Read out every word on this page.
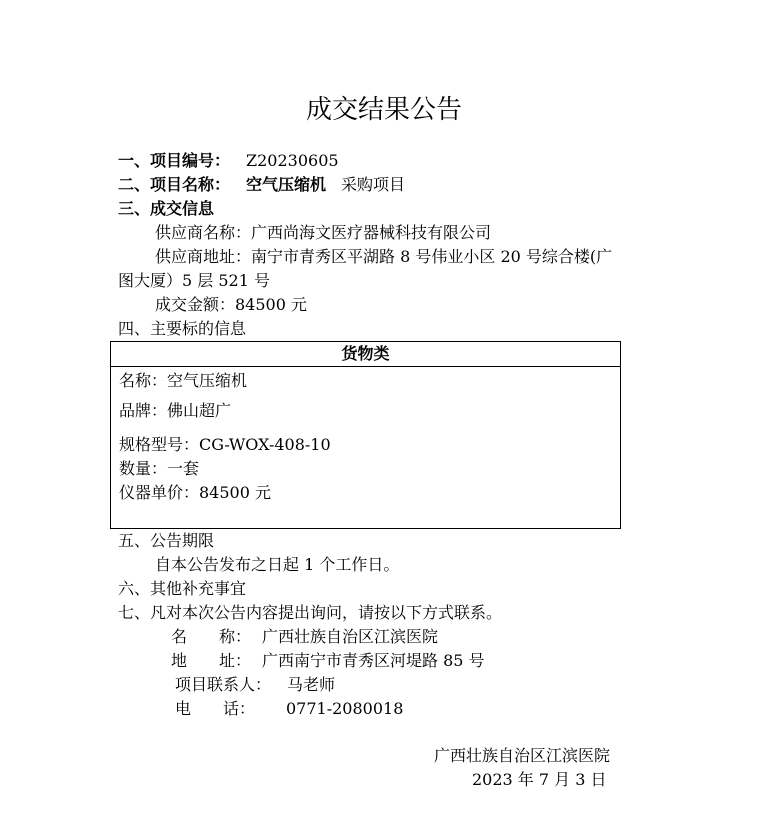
成交结果公告
一、项目编号： Z20230605
二、项目名称： 空气压缩机 采购项目
三、成交信息
供应商名称：广西尚海文医疗器械科技有限公司
供应商地址：南宁市青秀区平湖路 8 号伟业小区 20 号综合楼(广
图大厦）5 层 521 号
成交金额：84500 元
四、主要标的信息
货物类
名称：空气压缩机
品牌：佛山超广
规格型号：CG-WOX-408-10
数量：一套
仪器单价：84500 元
五、公告期限
自本公告发布之日起 1 个工作日。
六、其他补充事宜
七、凡对本次公告内容提出询问，请按以下方式联系。
名　　称： 广西壮族自治区江滨医院
地　　址： 广西南宁市青秀区河堤路 85 号
项目联系人： 马老师
电　　话： 0771-2080018
广西壮族自治区江滨医院
2023 年 7 月 3 日
